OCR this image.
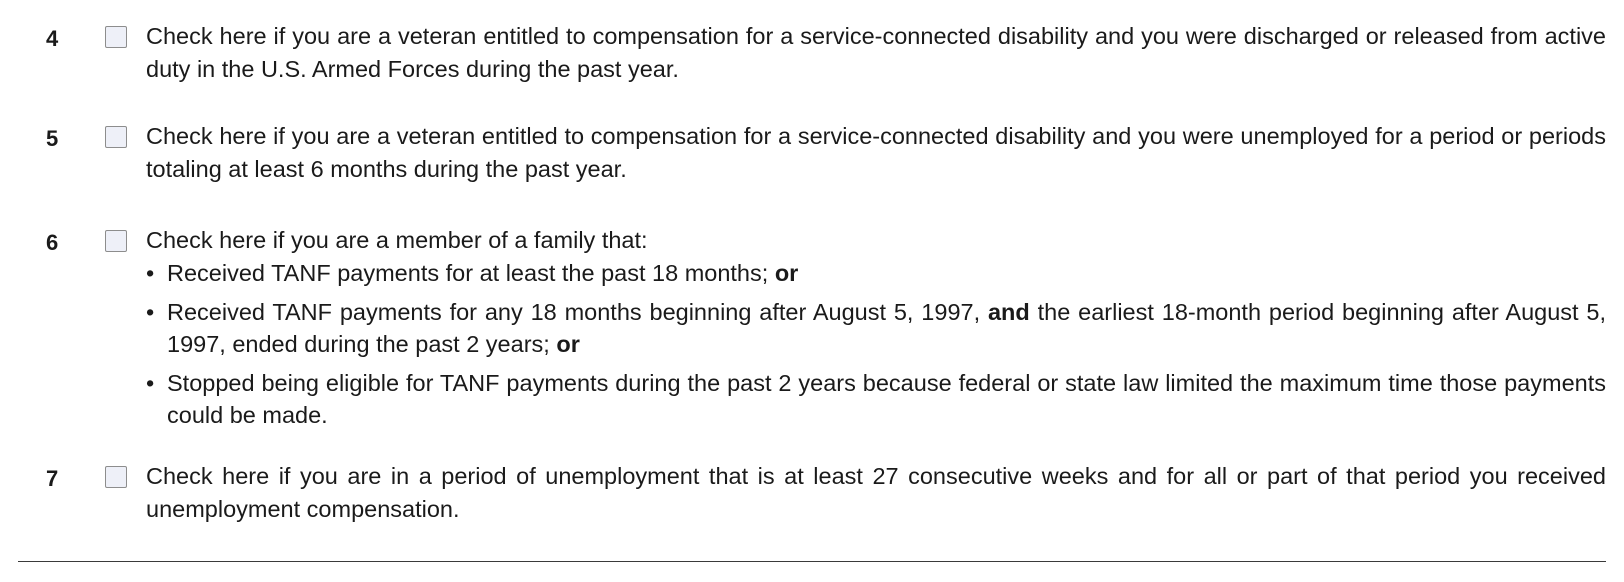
4	Check here if you are a veteran entitled to compensation for a service-connected disability and you were discharged or released from active duty in the U.S. Armed Forces during the past year.
5	Check here if you are a veteran entitled to compensation for a service-connected disability and you were unemployed for a period or periods totaling at least 6 months during the past year.
6	Check here if you are a member of a family that:
• Received TANF payments for at least the past 18 months; or
• Received TANF payments for any 18 months beginning after August 5, 1997, and the earliest 18-month period beginning after August 5, 1997, ended during the past 2 years; or
• Stopped being eligible for TANF payments during the past 2 years because federal or state law limited the maximum time those payments could be made.
7	Check here if you are in a period of unemployment that is at least 27 consecutive weeks and for all or part of that period you received unemployment compensation.
